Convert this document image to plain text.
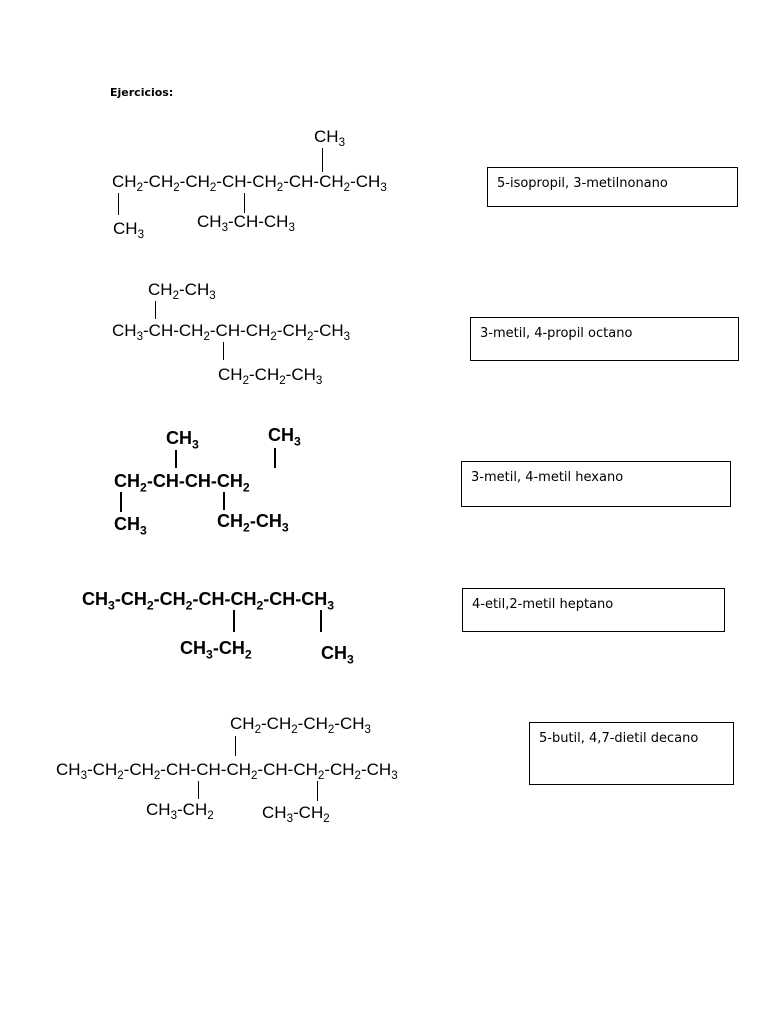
Ejercicios:
$CH_3$
$CH_2-CH_2-CH_2-CH-CH_2-CH-CH_2-CH_3$
$CH_3$
$CH_3-CH-CH_3$
5-isopropil, 3-metilnonano
$CH_2-CH_3$
$CH_3-CH-CH_2-CH-CH_2-CH_2-CH_3$
$CH_2-CH_2-CH_3$
3-metil, 4-propil octano
$CH_3$	$CH_3$
$CH_2-CH-CH-CH_2$
$CH_3$	$CH_2-CH_3$
3-metil, 4-metil hexano
$CH_3-CH_2-CH_2-CH-CH_2-CH-CH_3$
$CH_3-CH_2$	$CH_3$
4-etil,2-metil heptano
$CH_2-CH_2-CH_2-CH_3$
$CH_3-CH_2-CH_2-CH-CH-CH_2-CH-CH_2-CH_2-CH_3$
$CH_3-CH_2$	$CH_3-CH_2$
5-butil, 4,7-dietil decano
